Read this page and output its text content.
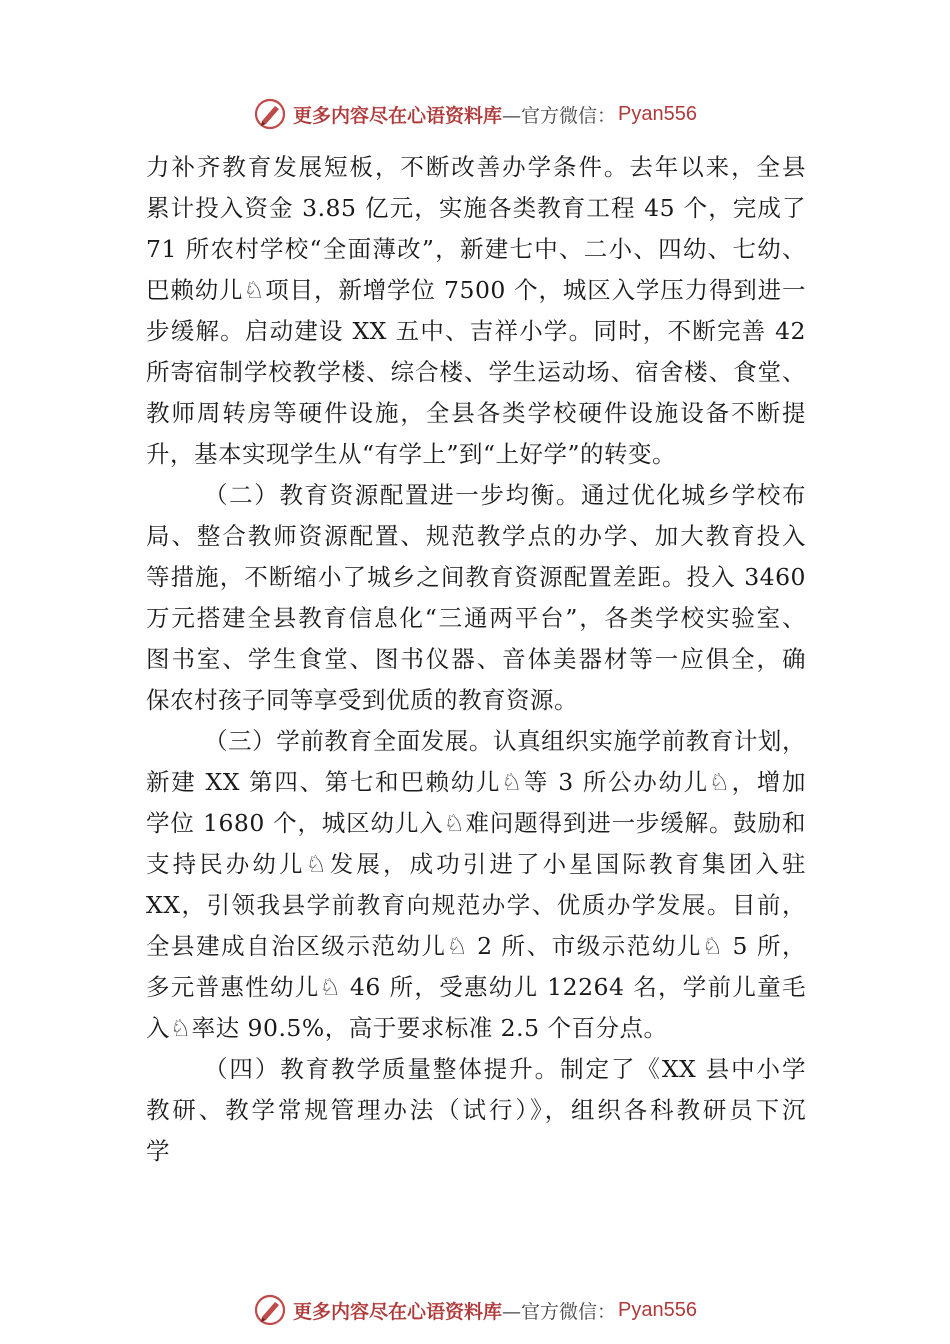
更多内容尽在心语资料库 —官方微信： Pyan556
力补齐教育发展短板，不断改善办学条件。去年以来，全县
累计投入资金 3.85 亿元，实施各类教育工程 45 个，完成了
71 所农村学校“全面薄改”，新建七中、二小、四幼、七幼、
巴赖幼儿♘项目，新增学位 7500 个，城区入学压力得到进一
步缓解。启动建设 XX 五中、吉祥小学。同时，不断完善 42
所寄宿制学校教学楼、综合楼、学生运动场、宿舍楼、食堂、
教师周转房等硬件设施，全县各类学校硬件设施设备不断提
升，基本实现学生从“有学上”到“上好学”的转变。
（二）教育资源配置进一步均衡。通过优化城乡学校布
局、整合教师资源配置、规范教学点的办学、加大教育投入
等措施，不断缩小了城乡之间教育资源配置差距。投入 3460
万元搭建全县教育信息化“三通两平台”，各类学校实验室、
图书室、学生食堂、图书仪器、音体美器材等一应俱全，确
保农村孩子同等享受到优质的教育资源。
（三）学前教育全面发展。认真组织实施学前教育计划，
新建 XX 第四、第七和巴赖幼儿♘等 3 所公办幼儿♘，增加
学位 1680 个，城区幼儿入♘难问题得到进一步缓解。鼓励和
支持民办幼儿♘发展，成功引进了小星国际教育集团入驻
XX，引领我县学前教育向规范办学、优质办学发展。目前，
全县建成自治区级示范幼儿♘ 2 所、市级示范幼儿♘ 5 所，
多元普惠性幼儿♘ 46 所，受惠幼儿 12264 名，学前儿童毛
入♘率达 90.5%，高于要求标准 2.5 个百分点。
（四）教育教学质量整体提升。制定了《XX 县中小学
教研、教学常规管理办法（试行）》，组织各科教研员下沉
学
更多内容尽在心语资料库 —官方微信： Pyan556
